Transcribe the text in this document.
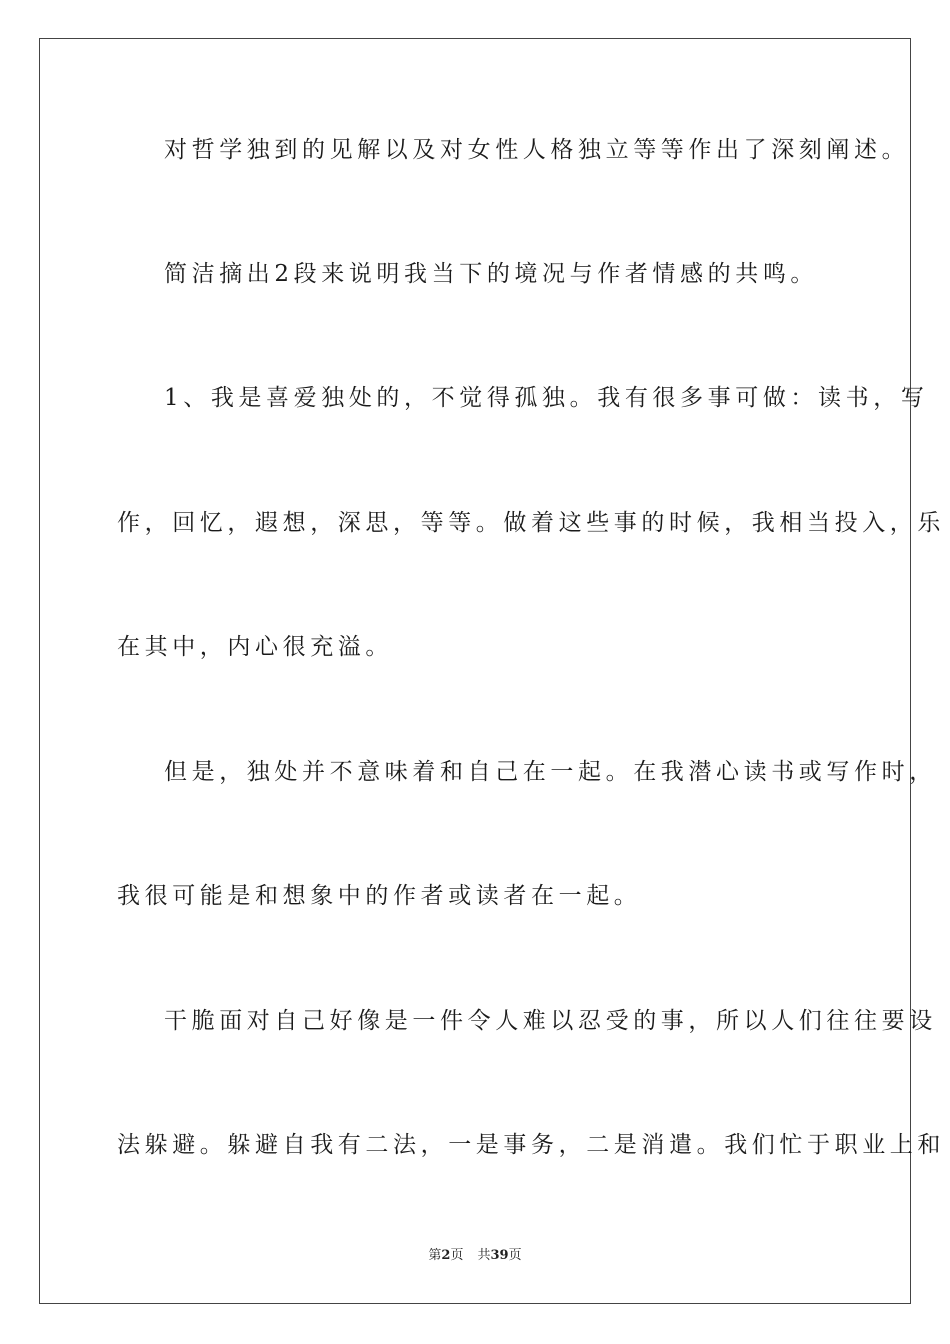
对哲学独到的见解以及对女性人格独立等等作出了深刻阐述。
简洁摘出2段来说明我当下的境况与作者情感的共鸣。
1、我是喜爱独处的，不觉得孤独。我有很多事可做：读书，写
作，回忆，遐想，深思，等等。做着这些事的时候，我相当投入，乐
在其中，内心很充溢。
但是，独处并不意味着和自己在一起。在我潜心读书或写作时，
我很可能是和想象中的作者或读者在一起。
干脆面对自己好像是一件令人难以忍受的事，所以人们往往要设
法躲避。躲避自我有二法，一是事务，二是消遣。我们忙于职业上和
第2页 共39页
